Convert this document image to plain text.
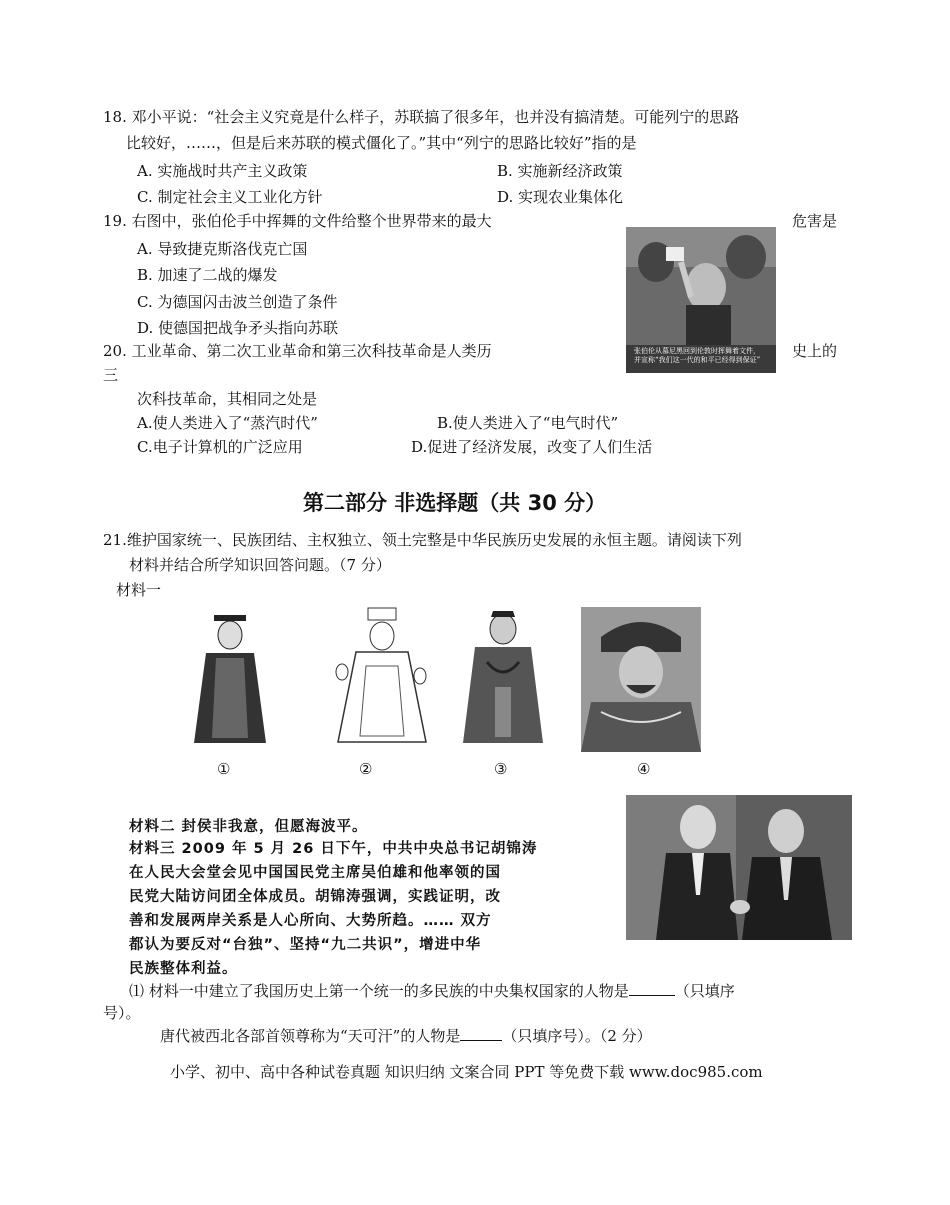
18. 邓小平说：“社会主义究竟是什么样子，苏联搞了很多年，也并没有搞清楚。可能列宁的思路
比较好，……，但是后来苏联的模式僵化了。”其中“列宁的思路比较好”指的是
A. 实施战时共产主义政策	B. 实施新经济政策
C. 制定社会主义工业化方针	D. 实现农业集体化
19. 右图中，张伯伦手中挥舞的文件给整个世界带来的最大	危害是
A. 导致捷克斯洛伐克亡国
B. 加速了二战的爆发
C. 为德国闪击波兰创造了条件
D. 使德国把战争矛头指向苏联
张伯伦从慕尼黑回到伦敦时挥舞着文件，并宣称“我们这一代的和平已经得到保证”
20. 工业革命、第二次工业革命和第三次科技革命是人类历	史上的
三
次科技革命，其相同之处是
A.使人类进入了“蒸汽时代”	B.使人类进入了“电气时代”
C.电子计算机的广泛应用	D.促进了经济发展，改变了人们生活
第二部分 非选择题（共 30 分）
21.维护国家统一、民族团结、主权独立、领土完整是中华民族历史发展的永恒主题。请阅读下列
材料并结合所学知识回答问题。（7 分）
材料一
①	②	③	④
材料二 封侯非我意，但愿海波平。
材料三 2009 年 5 月 26 日下午，中共中央总书记胡锦涛
在人民大会堂会见中国国民党主席吴伯雄和他率领的国
民党大陆访问团全体成员。胡锦涛强调，实践证明，改
善和发展两岸关系是人心所向、大势所趋。…… 双方
都认为要反对“台独”、坚持“九二共识”，增进中华
民族整体利益。
⑴ 材料一中建立了我国历史上第一个统一的多民族的中央集权国家的人物是	（只填序
号）。
唐代被西北各部首领尊称为“天可汗”的人物是	（只填序号）。（2 分）
小学、初中、高中各种试卷真题 知识归纳 文案合同 PPT 等免费下载 www.doc985.com
